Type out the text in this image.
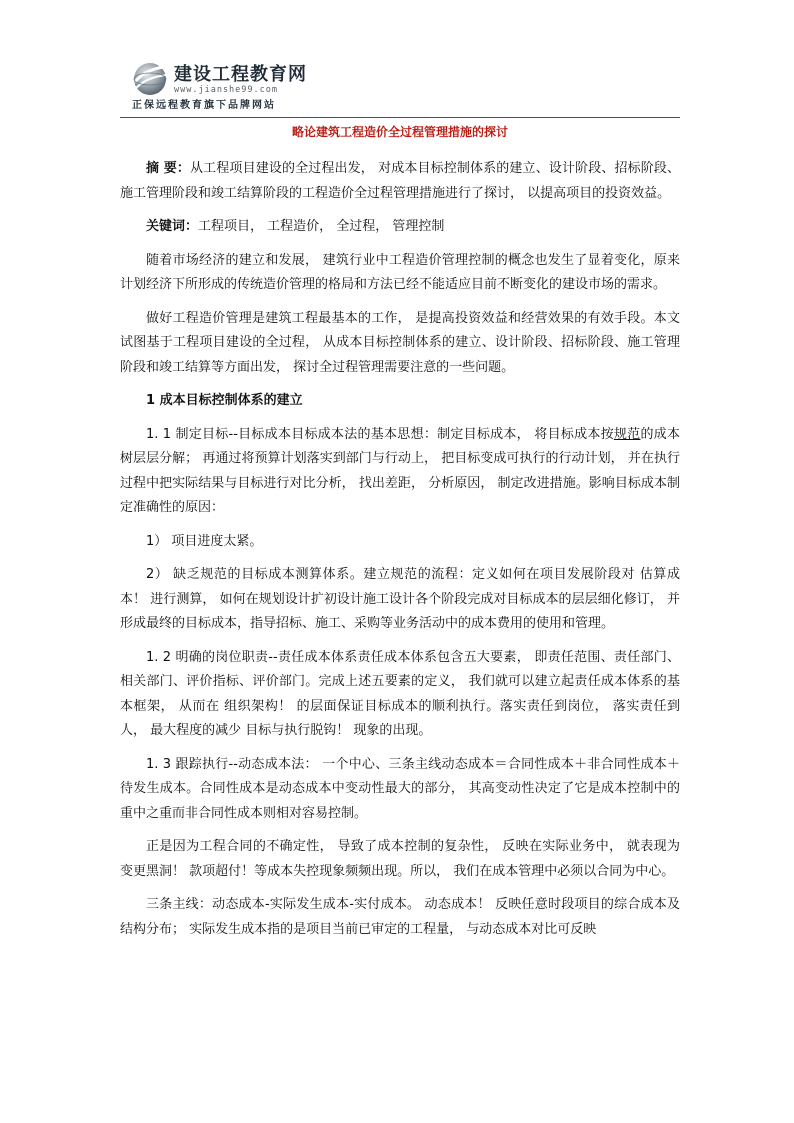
建设工程教育网
www.jianshe99.com
正保远程教育旗下品牌网站
略论建筑工程造价全过程管理措施的探讨

摘 要：从工程项目建设的全过程出发， 对成本目标控制体系的建立、设计阶段、招标阶段、施工管理阶段和竣工结算阶段的工程造价全过程管理措施进行了探讨， 以提高项目的投资效益。

关键词：工程项目， 工程造价， 全过程， 管理控制

随着市场经济的建立和发展， 建筑行业中工程造价管理控制的概念也发生了显着变化，原来计划经济下所形成的传统造价管理的格局和方法已经不能适应目前不断变化的建设市场的需求。

做好工程造价管理是建筑工程最基本的工作， 是提高投资效益和经营效果的有效手段。本文试图基于工程项目建设的全过程， 从成本目标控制体系的建立、设计阶段、招标阶段、施工管理阶段和竣工结算等方面出发， 探讨全过程管理需要注意的一些问题。

1 成本目标控制体系的建立

1. 1 制定目标--目标成本目标成本法的基本思想：制定目标成本， 将目标成本按规范的成本树层层分解； 再通过将预算计划落实到部门与行动上， 把目标变成可执行的行动计划， 并在执行过程中把实际结果与目标进行对比分析， 找出差距， 分析原因， 制定改进措施。影响目标成本制定准确性的原因：

1） 项目进度太紧。

2） 缺乏规范的目标成本测算体系。建立规范的流程：定义如何在项目发展阶段对 估算成本！ 进行测算， 如何在规划设计扩初设计施工设计各个阶段完成对目标成本的层层细化修订， 并形成最终的目标成本，指导招标、施工、采购等业务活动中的成本费用的使用和管理。

1. 2 明确的岗位职责--责任成本体系责任成本体系包含五大要素， 即责任范围、责任部门、相关部门、评价指标、评价部门。完成上述五要素的定义， 我们就可以建立起责任成本体系的基本框架， 从而在 组织架构！ 的层面保证目标成本的顺利执行。落实责任到岗位， 落实责任到人， 最大程度的减少 目标与执行脱钩！ 现象的出现。

1. 3 跟踪执行--动态成本法： 一个中心、三条主线动态成本＝合同性成本＋非合同性成本＋ 待发生成本。合同性成本是动态成本中变动性最大的部分， 其高变动性决定了它是成本控制中的重中之重而非合同性成本则相对容易控制。

正是因为工程合同的不确定性， 导致了成本控制的复杂性， 反映在实际业务中， 就表现为 变更黑洞！ 款项超付！等成本失控现象频频出现。所以， 我们在成本管理中必须以合同为中心。

三条主线：动态成本-实际发生成本-实付成本。 动态成本！ 反映任意时段项目的综合成本及结构分布； 实际发生成本指的是项目当前已审定的工程量， 与动态成本对比可反映
